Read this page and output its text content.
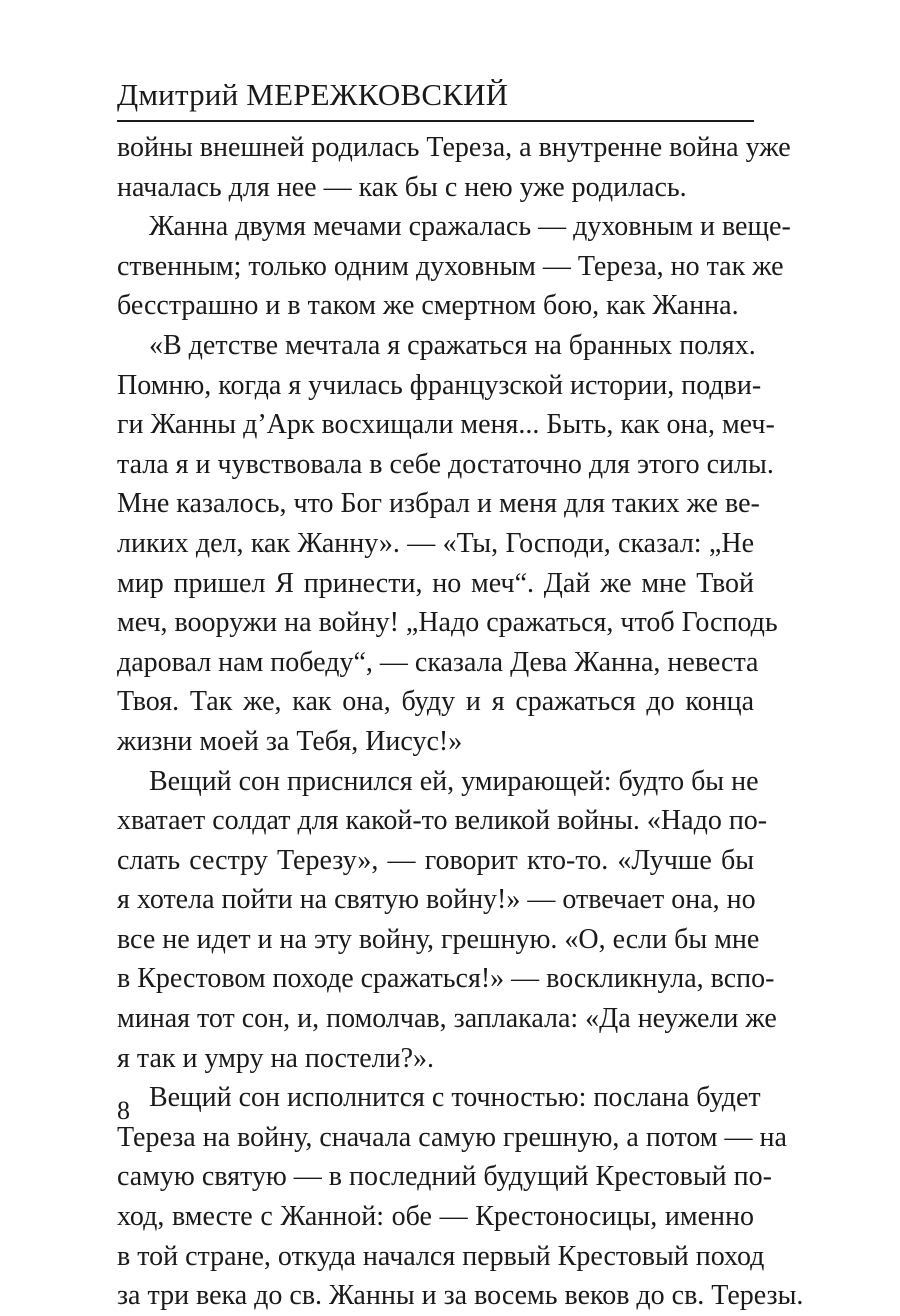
Дмитрий МЕРЕЖКОВСКИЙ
войны внешней родилась Тереза, а внутренне война уже
началась для нее — как бы с нею уже родилась.
Жанна двумя мечами сражалась — духовным и веще-
ственным; только одним духовным — Тереза, но так же
бесстрашно и в таком же смертном бою, как Жанна.
«В детстве мечтала я сражаться на бранных полях.
Помню, когда я училась французской истории, подви-
ги Жанны д’Арк восхищали меня... Быть, как она, меч-
тала я и чувствовала в себе достаточно для этого силы.
Мне казалось, что Бог избрал и меня для таких же ве-
ликих дел, как Жанну». — «Ты, Господи, сказал: „Не
мир пришел Я принести, но меч“. Дай же мне Твой
меч, вооружи на войну! „Надо сражаться, чтоб Господь
даровал нам победу“, — сказала Дева Жанна, невеста
Твоя. Так же, как она, буду и я сражаться до конца
жизни моей за Тебя, Иисус!»
Вещий сон приснился ей, умирающей: будто бы не
хватает солдат для какой-то великой войны. «Надо по-
слать сестру Терезу», — говорит кто-то. «Лучше бы
я хотела пойти на святую войну!» — отвечает она, но
все не идет и на эту войну, грешную. «О, если бы мне
в Крестовом походе сражаться!» — воскликнула, вспо-
миная тот сон, и, помолчав, заплакала: «Да неужели же
я так и умру на постели?».
Вещий сон исполнится с точностью: послана будет
Тереза на войну, сначала самую грешную, а потом — на
самую святую — в последний будущий Крестовый по-
ход, вместе с Жанной: обе — Крестоносицы, именно
в той стране, откуда начался первый Крестовый поход
за три века до св. Жанны и за восемь веков до св. Терезы.
8
